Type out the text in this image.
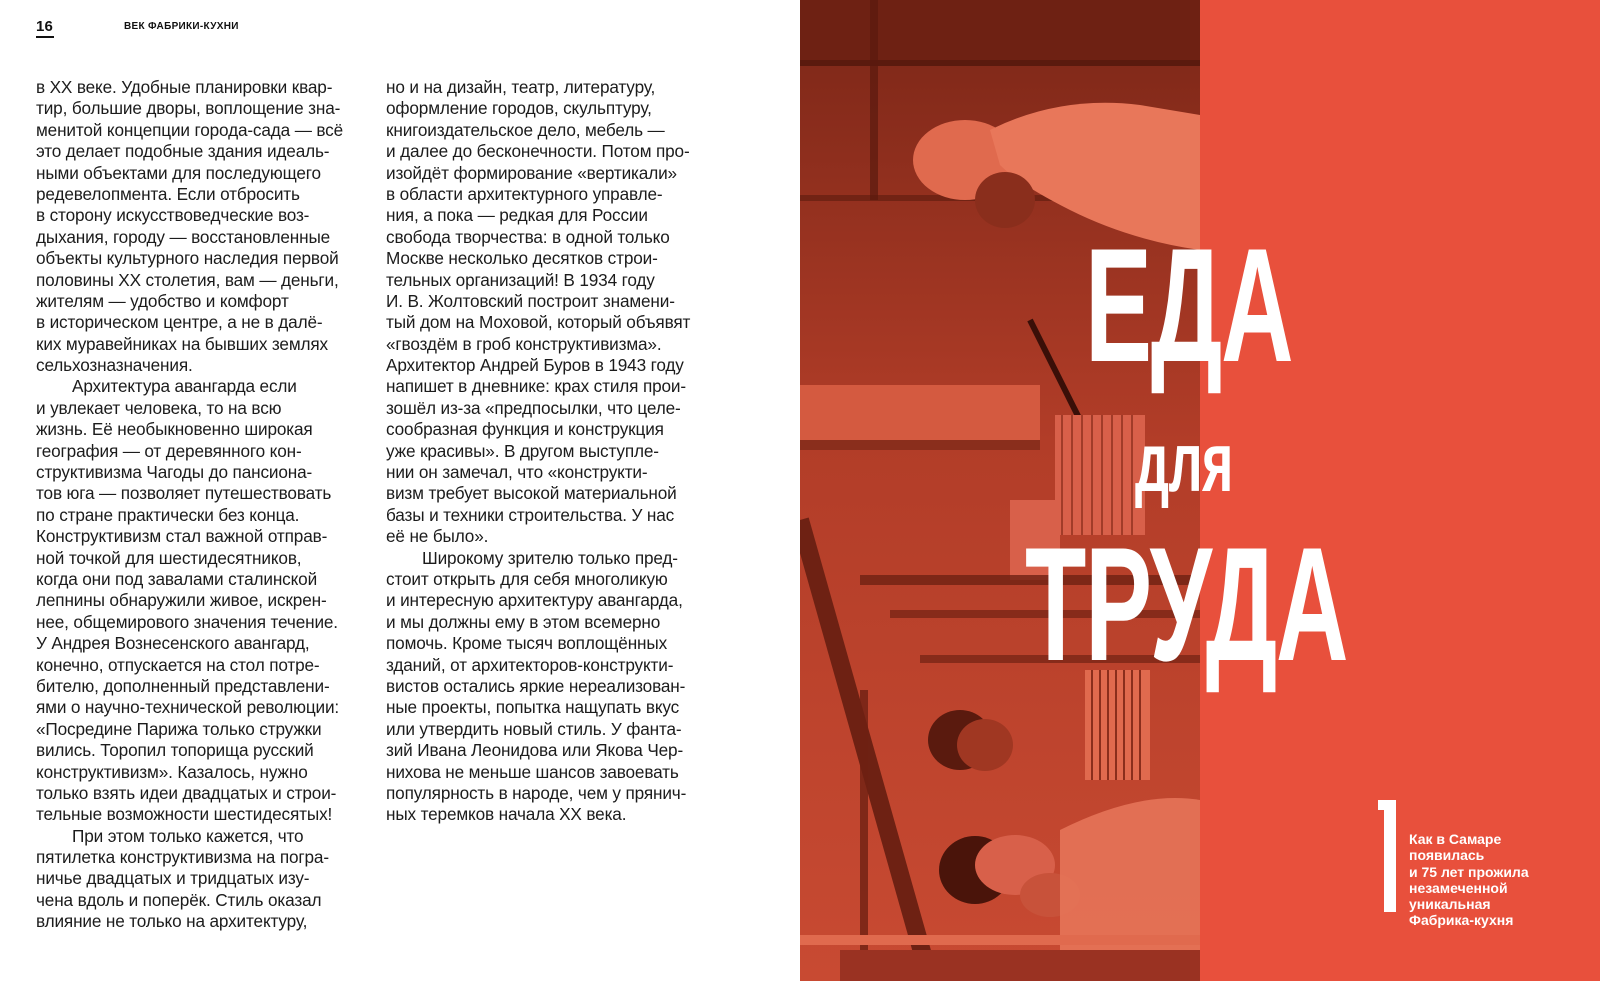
16	ВЕК ФАБРИКИ-КУХНИ
в XX веке. Удобные планировки квар-
тир, большие дворы, воплощение зна-
менитой концепции города-сада — всё
это делает подобные здания идеаль-
ными объектами для последующего
редевелопмента. Если отбросить
в сторону искусствоведческие воз-
дыхания, городу — восстановленные
объекты культурного наследия первой
половины XX столетия, вам — деньги,
жителям — удобство и комфорт
в историческом центре, а не в далё-
ких муравейниках на бывших землях
сельхозназначения.
Архитектура авангарда если
и увлекает человека, то на всю
жизнь. Её необыкновенно широкая
география — от деревянного кон-
структивизма Чагоды до пансиона-
тов юга — позволяет путешествовать
по стране практически без конца.
Конструктивизм стал важной отправ-
ной точкой для шестидесятников,
когда они под завалами сталинской
лепнины обнаружили живое, искрен-
нее, общемирового значения течение.
У Андрея Вознесенского авангард,
конечно, отпускается на стол потре-
бителю, дополненный представлени-
ями о научно-технической революции:
«Посредине Парижа только стружки
вились. Торопил топорища русский
конструктивизм». Казалось, нужно
только взять идеи двадцатых и строи-
тельные возможности шестидесятых!
При этом только кажется, что
пятилетка конструктивизма на погра-
ничье двадцатых и тридцатых изу-
чена вдоль и поперёк. Стиль оказал
влияние не только на архитектуру,
но и на дизайн, театр, литературу,
оформление городов, скульптуру,
книгоиздательское дело, мебель —
и далее до бесконечности. Потом про-
изойдёт формирование «вертикали»
в области архитектурного управле-
ния, а пока — редкая для России
свобода творчества: в одной только
Москве несколько десятков строи-
тельных организаций! В 1934 году
И. В. Жолтовский построит знамени-
тый дом на Моховой, который объявят
«гвоздём в гроб конструктивизма».
Архитектор Андрей Буров в 1943 году
напишет в дневнике: крах стиля прои-
зошёл из-за «предпосылки, что целе-
сообразная функция и конструкция
уже красивы». В другом выступле-
нии он замечал, что «конструкти-
визм требует высокой материальной
базы и техники строительства. У нас
её не было».
Широкому зрителю только пред-
стоит открыть для себя многоликую
и интересную архитектуру авангарда,
и мы должны ему в этом всемерно
помочь. Кроме тысяч воплощённых
зданий, от архитекторов-конструкти-
вистов остались яркие нереализован-
ные проекты, попытка нащупать вкус
или утвердить новый стиль. У фанта-
зий Ивана Леонидова или Якова Чер-
нихова не меньше шансов завоевать
популярность в народе, чем у прянич-
ных теремков начала XX века.
ЕДА
для
ТРУДА
Как в Самаре
появилась
и 75 лет прожила
незамеченной
уникальная
Фабрика-кухня
